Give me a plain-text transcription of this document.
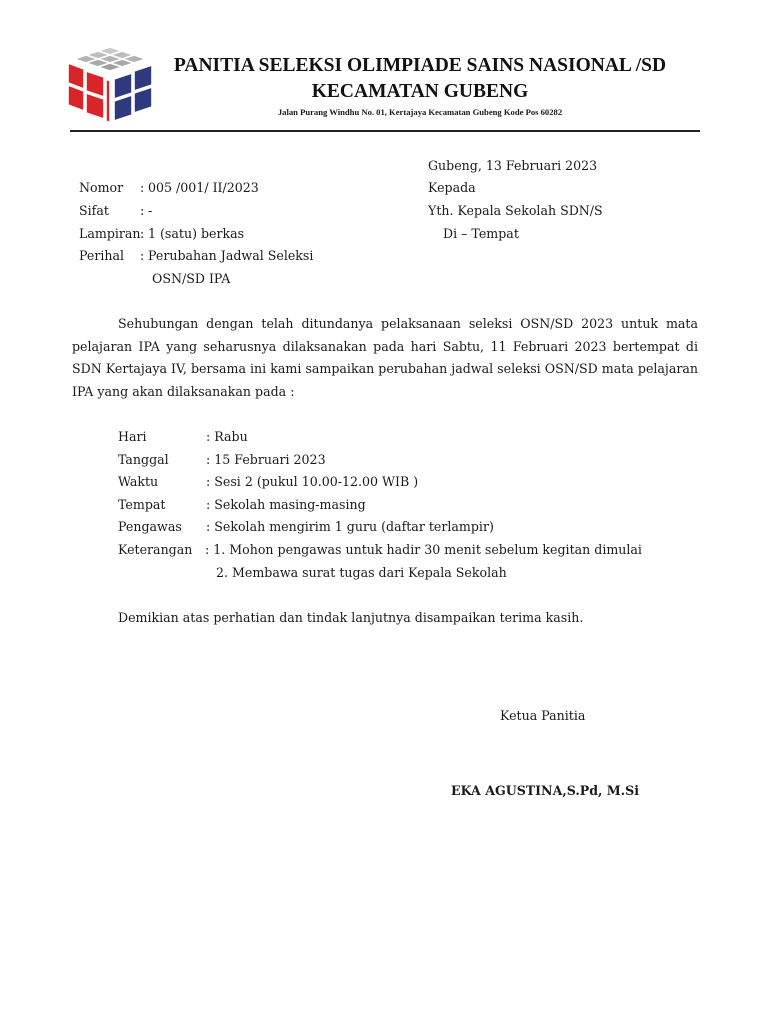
PANITIA SELEKSI OLIMPIADE SAINS NASIONAL /SD
KECAMATAN GUBENG
Jalan Purang Windhu No. 01, Kertajaya Kecamatan Gubeng Kode Pos 60282
Gubeng, 13 Februari 2023
Nomor : 005 /001/ II/2023
Sifat : -
Lampiran : 1 (satu) berkas
Perihal : Perubahan Jadwal Seleksi
OSN/SD IPA
Kepada
Yth. Kepala Sekolah SDN/S
Di – Tempat
Sehubungan dengan telah ditundanya pelaksanaan seleksi OSN/SD 2023 untuk mata pelajaran IPA yang seharusnya dilaksanakan pada hari Sabtu, 11 Februari 2023 bertempat di SDN Kertajaya IV, bersama ini kami sampaikan perubahan jadwal seleksi OSN/SD mata pelajaran IPA yang akan dilaksanakan pada :
Hari	: Rabu
Tanggal	: 15 Februari 2023
Waktu	: Sesi 2 (pukul 10.00-12.00 WIB )
Tempat	: Sekolah masing-masing
Pengawas : Sekolah mengirim 1 guru (daftar terlampir)
Keterangan : 1. Mohon pengawas untuk hadir 30 menit sebelum kegitan dimulai
2. Membawa surat tugas dari Kepala Sekolah
Demikian atas perhatian dan tindak lanjutnya disampaikan terima kasih.
Ketua Panitia
EKA AGUSTINA,S.Pd, M.Si
